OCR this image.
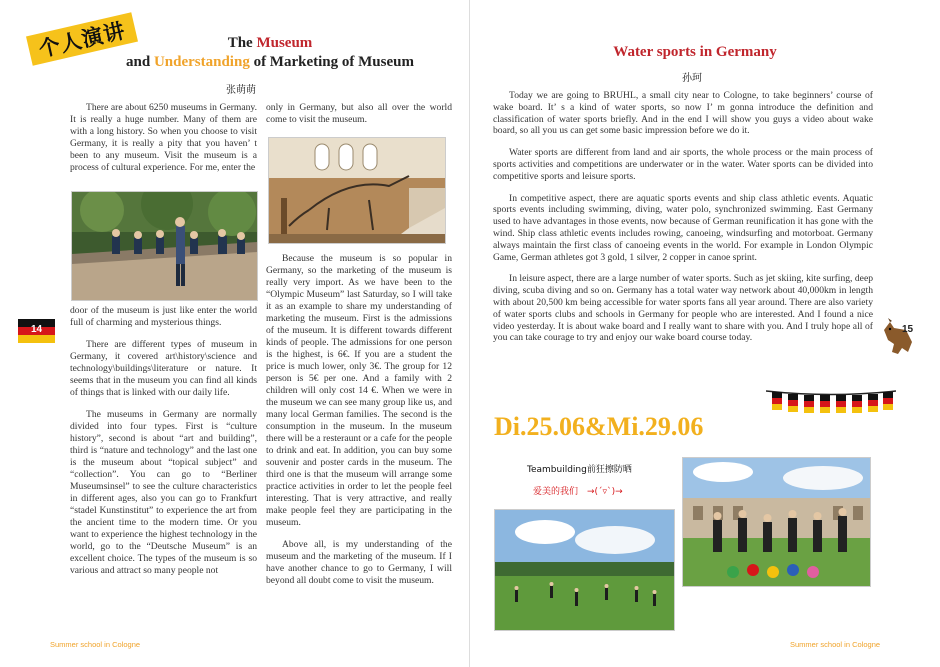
个人演讲	The Museum
and Understanding of Marketing of Museum
张萌萌

There are about 6250 museums in Germany. It is really a huge number. Many of them are with a long history. So when you choose to visit Germany, it is really a pity that you haven’ t been to any museum. Visit the museum is a process of cultural experience. For me, enter the

door of the museum is just like enter the world full of charming and mysterious things.

There are different types of museum in Germany, it covered art\history\science and technology\buildings\literature or nature. It seems that in the museum you can find all kinds of things that is linked with our daily life.

The museums in Germany are normally divided into four types. First is “culture history”, second is about “art and building”, third is “nature and technology” and the last one is the museum about “topical subject” and “collection”. You can go to “Berliner Museumsinsel” to see the culture characteristics in different ages, also you can go to Frankfurt “stadel Kunstinstitut” to experience the art from the ancient time to the modern time. Or you want to experience the highest technology in the world, go to the “Deutsche Museum” is an excellent choice. The types of the museum is so various and attract so many people not

only in Germany, but also all over the world come to visit the museum.

Because the museum is so popular in Germany, so the marketing of the museum is really very import. As we have been to the “Olympic Museum” last Saturday, so I will take it as an example to share my understanding of marketing the museum. First is the admissions of the museum. It is different towards different kinds of people. The admissions for one person is the highest, is 6€. If you are a student the price is much lower, only 3€. The group for 12 person is 5€ per one. And a family with 2 children will only cost 14 €. When we were in the museum we can see many group like us, and many local German families. The second is the consumption in the museum. In the museum there will be a resteraunt or a cafe for the people to drink and eat. In addition, you can buy some souvenir and poster cards in the museum. The third one is that the museum will arrange some practice activities in order to let the people feel interesting. That is very attractive, and really make people feel they are participating in the museum.

Above all, is my understanding of the museum and the marketing of the museum. If I have another chance to go to Germany, I will beyond all doubt come to visit the museum.

14
Summer school in Cologne
Water sports in Germany
孙珂

Today we are going to BRUHL, a small city near to Cologne, to take beginners’ course of wake board. It’ s a kind of water sports, so now I’ m gonna introduce the definition and classification of water sports briefly. And in the end I will show you guys a video about wake board, so all you us can get some basic impression before we do it.

Water sports are different from land and air sports, the whole process or the main process of sports activities and competitions are underwater or in the water. Water sports can be divided into competitive sports and leisure sports.

In competitive aspect, there are aquatic sports events and ship class athletic events. Aquatic sports events including swimming, diving, water polo, synchronized swimming. East Germany used to have advantages in those events, now because of German reunification it has gone with the wind. Ship class athletic events includes rowing, canoeing, windsurfing and motorboat. Germany always maintain the first class of canoeing events in the world. For example in London Olympic Game, German athletes got 3 gold, 1 silver, 2 copper in canoe sprint.

In leisure aspect, there are a large number of water sports. Such as jet skiing, kite surfing, deep diving, scuba diving and so on. Germany has a total water way network about 40,000km in length with about 20,500 km being accessible for water sports fans all year around. There are also variety of water sports clubs and schools in Germany for people who are interested. And I found a nice video yesterday. It is about wake board and I really want to share with you. And I truly hope all of you can take courage to try and enjoy our wake board course today.

15
Di.25.06&Mi.29.06
Teambuilding前狂擦防晒
爱美的我们　→(ˊ▿ˋ)→
Summer school in Cologne
